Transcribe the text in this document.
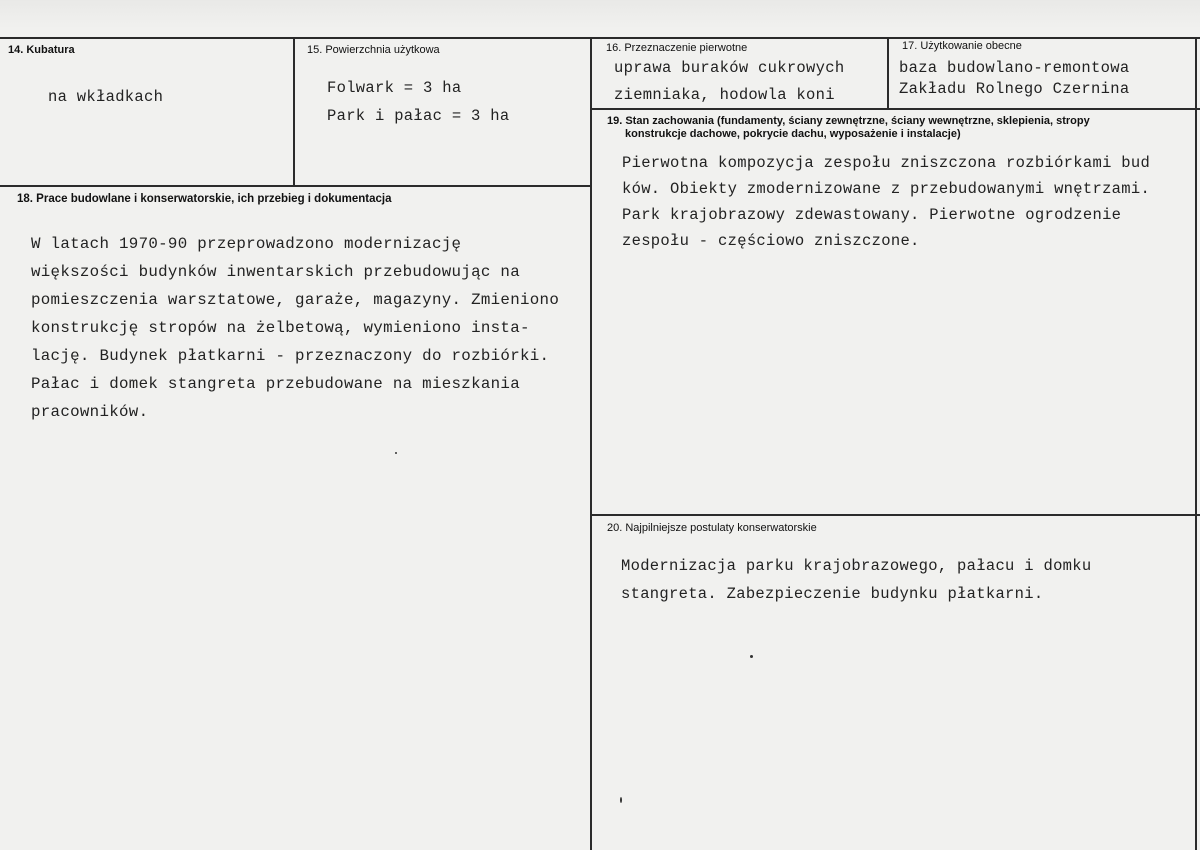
14. Kubatura
na wkładkach
15. Powierzchnia użytkowa
Folwark = 3 ha
Park i pałac = 3 ha
16. Przeznaczenie pierwotne
uprawa buraków cukrowych
ziemniaka, hodowla koni
17. Użytkowanie obecne
baza budowlano-remontowa
Zakładu Rolnego Czernina
18. Prace budowlane i konserwatorskie, ich przebieg i dokumentacja
W latach 1970-90 przeprowadzono modernizację
większości budynków inwentarskich przebudowując na
pomieszczenia warsztatowe, garaże, magazyny. Zmieniono
konstrukcję stropów na żelbetową, wymieniono insta-
lację. Budynek płatkarni - przeznaczony do rozbiórki.
Pałac i domek stangreta przebudowane na mieszkania
pracowników.
19. Stan zachowania (fundamenty, ściany zewnętrzne, ściany wewnętrzne, sklepienia, stropy
konstrukcje dachowe, pokrycie dachu, wyposażenie i instalacje)
Pierwotna kompozycja zespołu zniszczona rozbiórkami bud
ków. Obiekty zmodernizowane z przebudowanymi wnętrzami.
Park krajobrazowy zdewastowany. Pierwotne ogrodzenie
zespołu - częściowo zniszczone.
20. Najpilniejsze postulaty konserwatorskie
Modernizacja parku krajobrazowego, pałacu i domku
stangreta. Zabezpieczenie budynku płatkarni.
